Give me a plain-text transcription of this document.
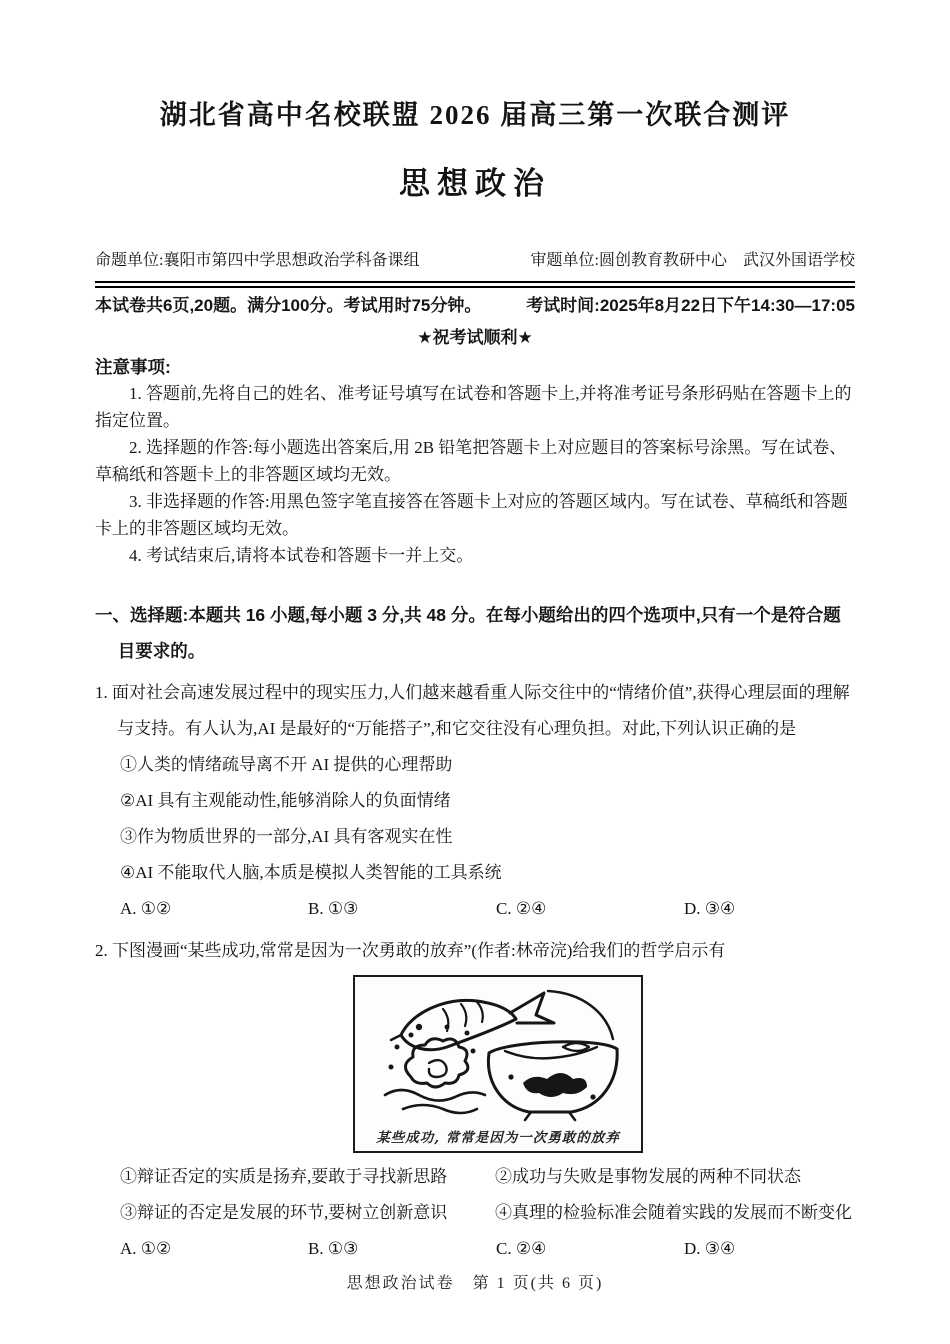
湖北省高中名校联盟 2026 届高三第一次联合测评
思想政治
命题单位:襄阳市第四中学思想政治学科备课组	审题单位:圆创教育教研中心　武汉外国语学校
本试卷共6页,20题。满分100分。考试用时75分钟。	考试时间:2025年8月22日下午14:30—17:05
★祝考试顺利★
注意事项:

1. 答题前,先将自己的姓名、准考证号填写在试卷和答题卡上,并将准考证号条形码贴在答题卡上的指定位置。

2. 选择题的作答:每小题选出答案后,用 2B 铅笔把答题卡上对应题目的答案标号涂黑。写在试卷、草稿纸和答题卡上的非答题区域均无效。

3. 非选择题的作答:用黑色签字笔直接答在答题卡上对应的答题区域内。写在试卷、草稿纸和答题卡上的非答题区域均无效。

4. 考试结束后,请将本试卷和答题卡一并上交。

一、选择题:本题共 16 小题,每小题 3 分,共 48 分。在每小题给出的四个选项中,只有一个是符合题目要求的。

1. 面对社会高速发展过程中的现实压力,人们越来越看重人际交往中的“情绪价值”,获得心理层面的理解与支持。有人认为,AI 是最好的“万能搭子”,和它交往没有心理负担。对此,下列认识正确的是

①人类的情绪疏导离不开 AI 提供的心理帮助

②AI 具有主观能动性,能够消除人的负面情绪

③作为物质世界的一部分,AI 具有客观实在性

④AI 不能取代人脑,本质是模拟人类智能的工具系统

A. ①②	B. ①③	C. ②④	D. ③④

2. 下图漫画“某些成功,常常是因为一次勇敢的放弃”(作者:林帝浣)给我们的哲学启示有

某些成功, 常常是因为一次勇敢的放弃
①辩证否定的实质是扬弃,要敢于寻找新思路	②成功与失败是事物发展的两种不同状态
③辩证的否定是发展的环节,要树立创新意识	④真理的检验标准会随着实践的发展而不断变化
A. ①②	B. ①③	C. ②④	D. ③④
思想政治试卷　第 1 页(共 6 页)
